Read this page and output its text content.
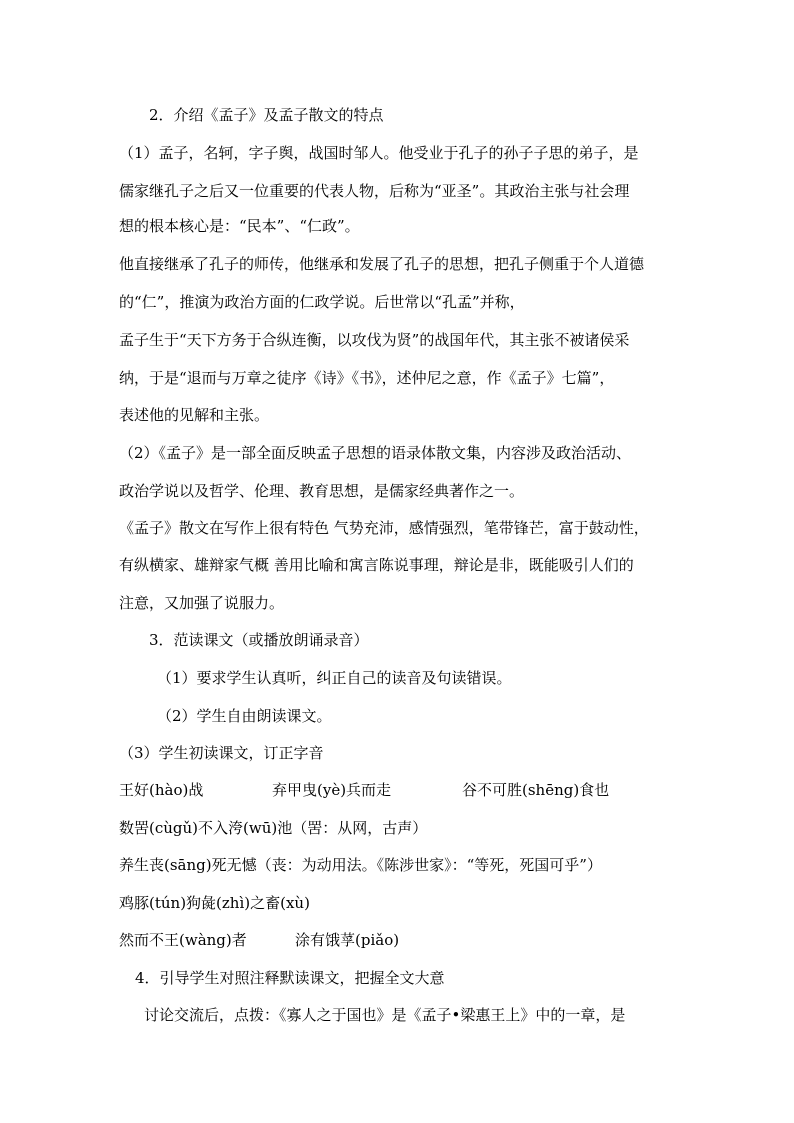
2．介绍《孟子》及孟子散文的特点
（1）孟子，名轲，字子舆，战国时邹人。他受业于孔子的孙子子思的弟子，是
儒家继孔子之后又一位重要的代表人物，后称为“亚圣”。其政治主张与社会理
想的根本核心是：“民本”、“仁政”。
他直接继承了孔子的师传，他继承和发展了孔子的思想，把孔子侧重于个人道德
的“仁”，推演为政治方面的仁政学说。后世常以“孔孟”并称，
孟子生于“天下方务于合纵连衡，以攻伐为贤”的战国年代，其主张不被诸侯采
纳，于是“退而与万章之徒序《诗》《书》，述仲尼之意，作《孟子》七篇”，
表述他的见解和主张。
（2）《孟子》是一部全面反映孟子思想的语录体散文集，内容涉及政治活动、
政治学说以及哲学、伦理、教育思想，是儒家经典著作之一。
《孟子》散文在写作上很有特色 气势充沛，感情强烈，笔带锋芒，富于鼓动性，
有纵横家、雄辩家气概 善用比喻和寓言陈说事理，辩论是非，既能吸引人们的
注意，又加强了说服力。
3．范读课文（或播放朗诵录音）
（1）要求学生认真听，纠正自己的读音及句读错误。
（2）学生自由朗读课文。
（3）学生初读课文，订正字音
王好(hào)战	弃甲曳(yè)兵而走	谷不可胜(shēng)食也
数罟(cùgǔ)不入洿(wū)池（罟：从网，古声）
养生丧(sāng)死无憾（丧：为动用法。《陈涉世家》：“等死，死国可乎”）
鸡豚(tún)狗彘(zhì)之畜(xù)
然而不王(wàng)者	涂有饿莩(piǎo)
4．引导学生对照注释默读课文，把握全文大意
讨论交流后，点拨：《寡人之于国也》是《孟子•梁惠王上》中的一章，是
